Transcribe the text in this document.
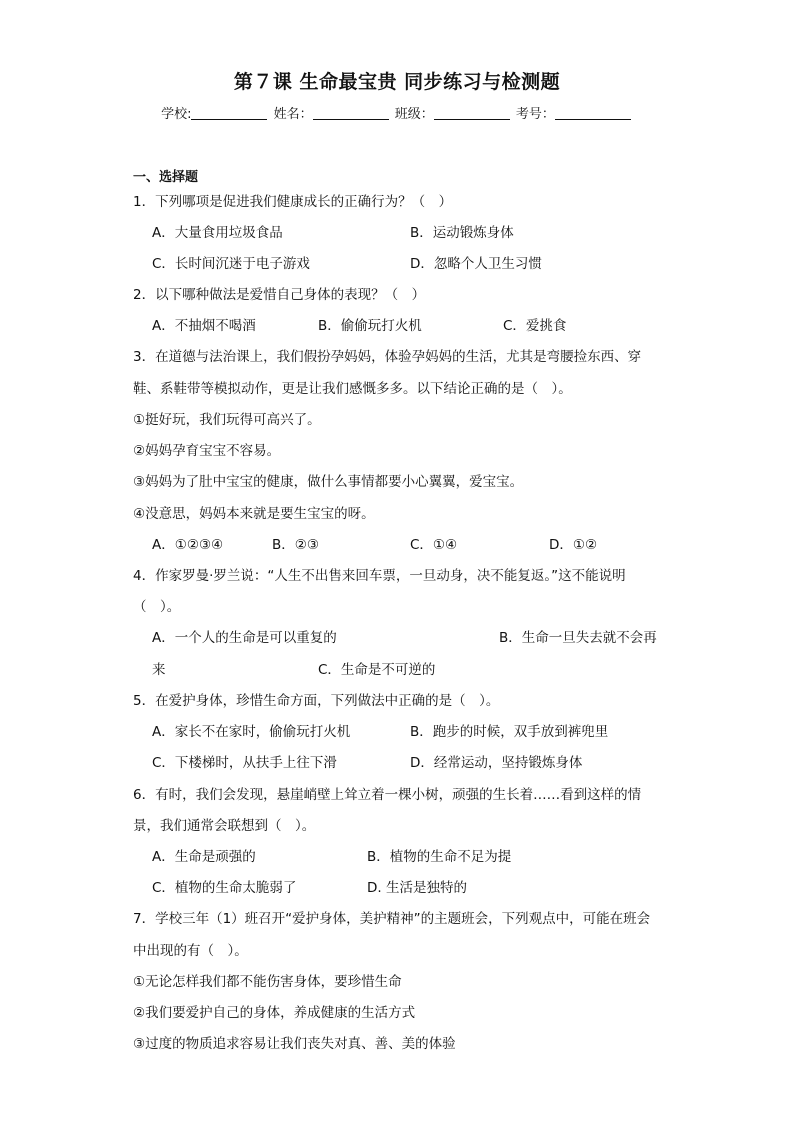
第７课 生命最宝贵 同步练习与检测题
学校:	姓名：	班级：	考号：
一、选择题
1．下列哪项是促进我们健康成长的正确行为？（　）
A．大量食用垃圾食品	B．运动锻炼身体
C．长时间沉迷于电子游戏	D．忽略个人卫生习惯
2．以下哪种做法是爱惜自己身体的表现？（　）
A．不抽烟不喝酒	B．偷偷玩打火机	C．爱挑食
3．在道德与法治课上，我们假扮孕妈妈，体验孕妈妈的生活，尤其是弯腰捡东西、穿
鞋、系鞋带等模拟动作，更是让我们感慨多多。以下结论正确的是（　）。
①挺好玩，我们玩得可高兴了。
②妈妈孕育宝宝不容易。
③妈妈为了肚中宝宝的健康，做什么事情都要小心翼翼，爱宝宝。
④没意思，妈妈本来就是要生宝宝的呀。
A．①②③④	B．②③	C．①④	D．①②
4．作家罗曼·罗兰说：“人生不出售来回车票，一旦动身，决不能复返。”这不能说明
（　）。
A．一个人的生命是可以重复的	B．生命一旦失去就不会再
来	C．生命是不可逆的
5．在爱护身体，珍惜生命方面，下列做法中正确的是（　）。
A．家长不在家时，偷偷玩打火机	B．跑步的时候，双手放到裤兜里
C．下楼梯时，从扶手上往下滑	D．经常运动，坚持锻炼身体
6．有时，我们会发现，悬崖峭壁上耸立着一棵小树，顽强的生长着……看到这样的情
景，我们通常会联想到（　）。
A．生命是顽强的	B．植物的生命不足为提
C．植物的生命太脆弱了	D. 生活是独特的
7．学校三年（1）班召开“爱护身体，美护精神”的主题班会，下列观点中，可能在班会
中出现的有（　）。
①无论怎样我们都不能伤害身体，要珍惜生命
②我们要爱护自己的身体，养成健康的生活方式
③过度的物质追求容易让我们丧失对真、善、美的体验
